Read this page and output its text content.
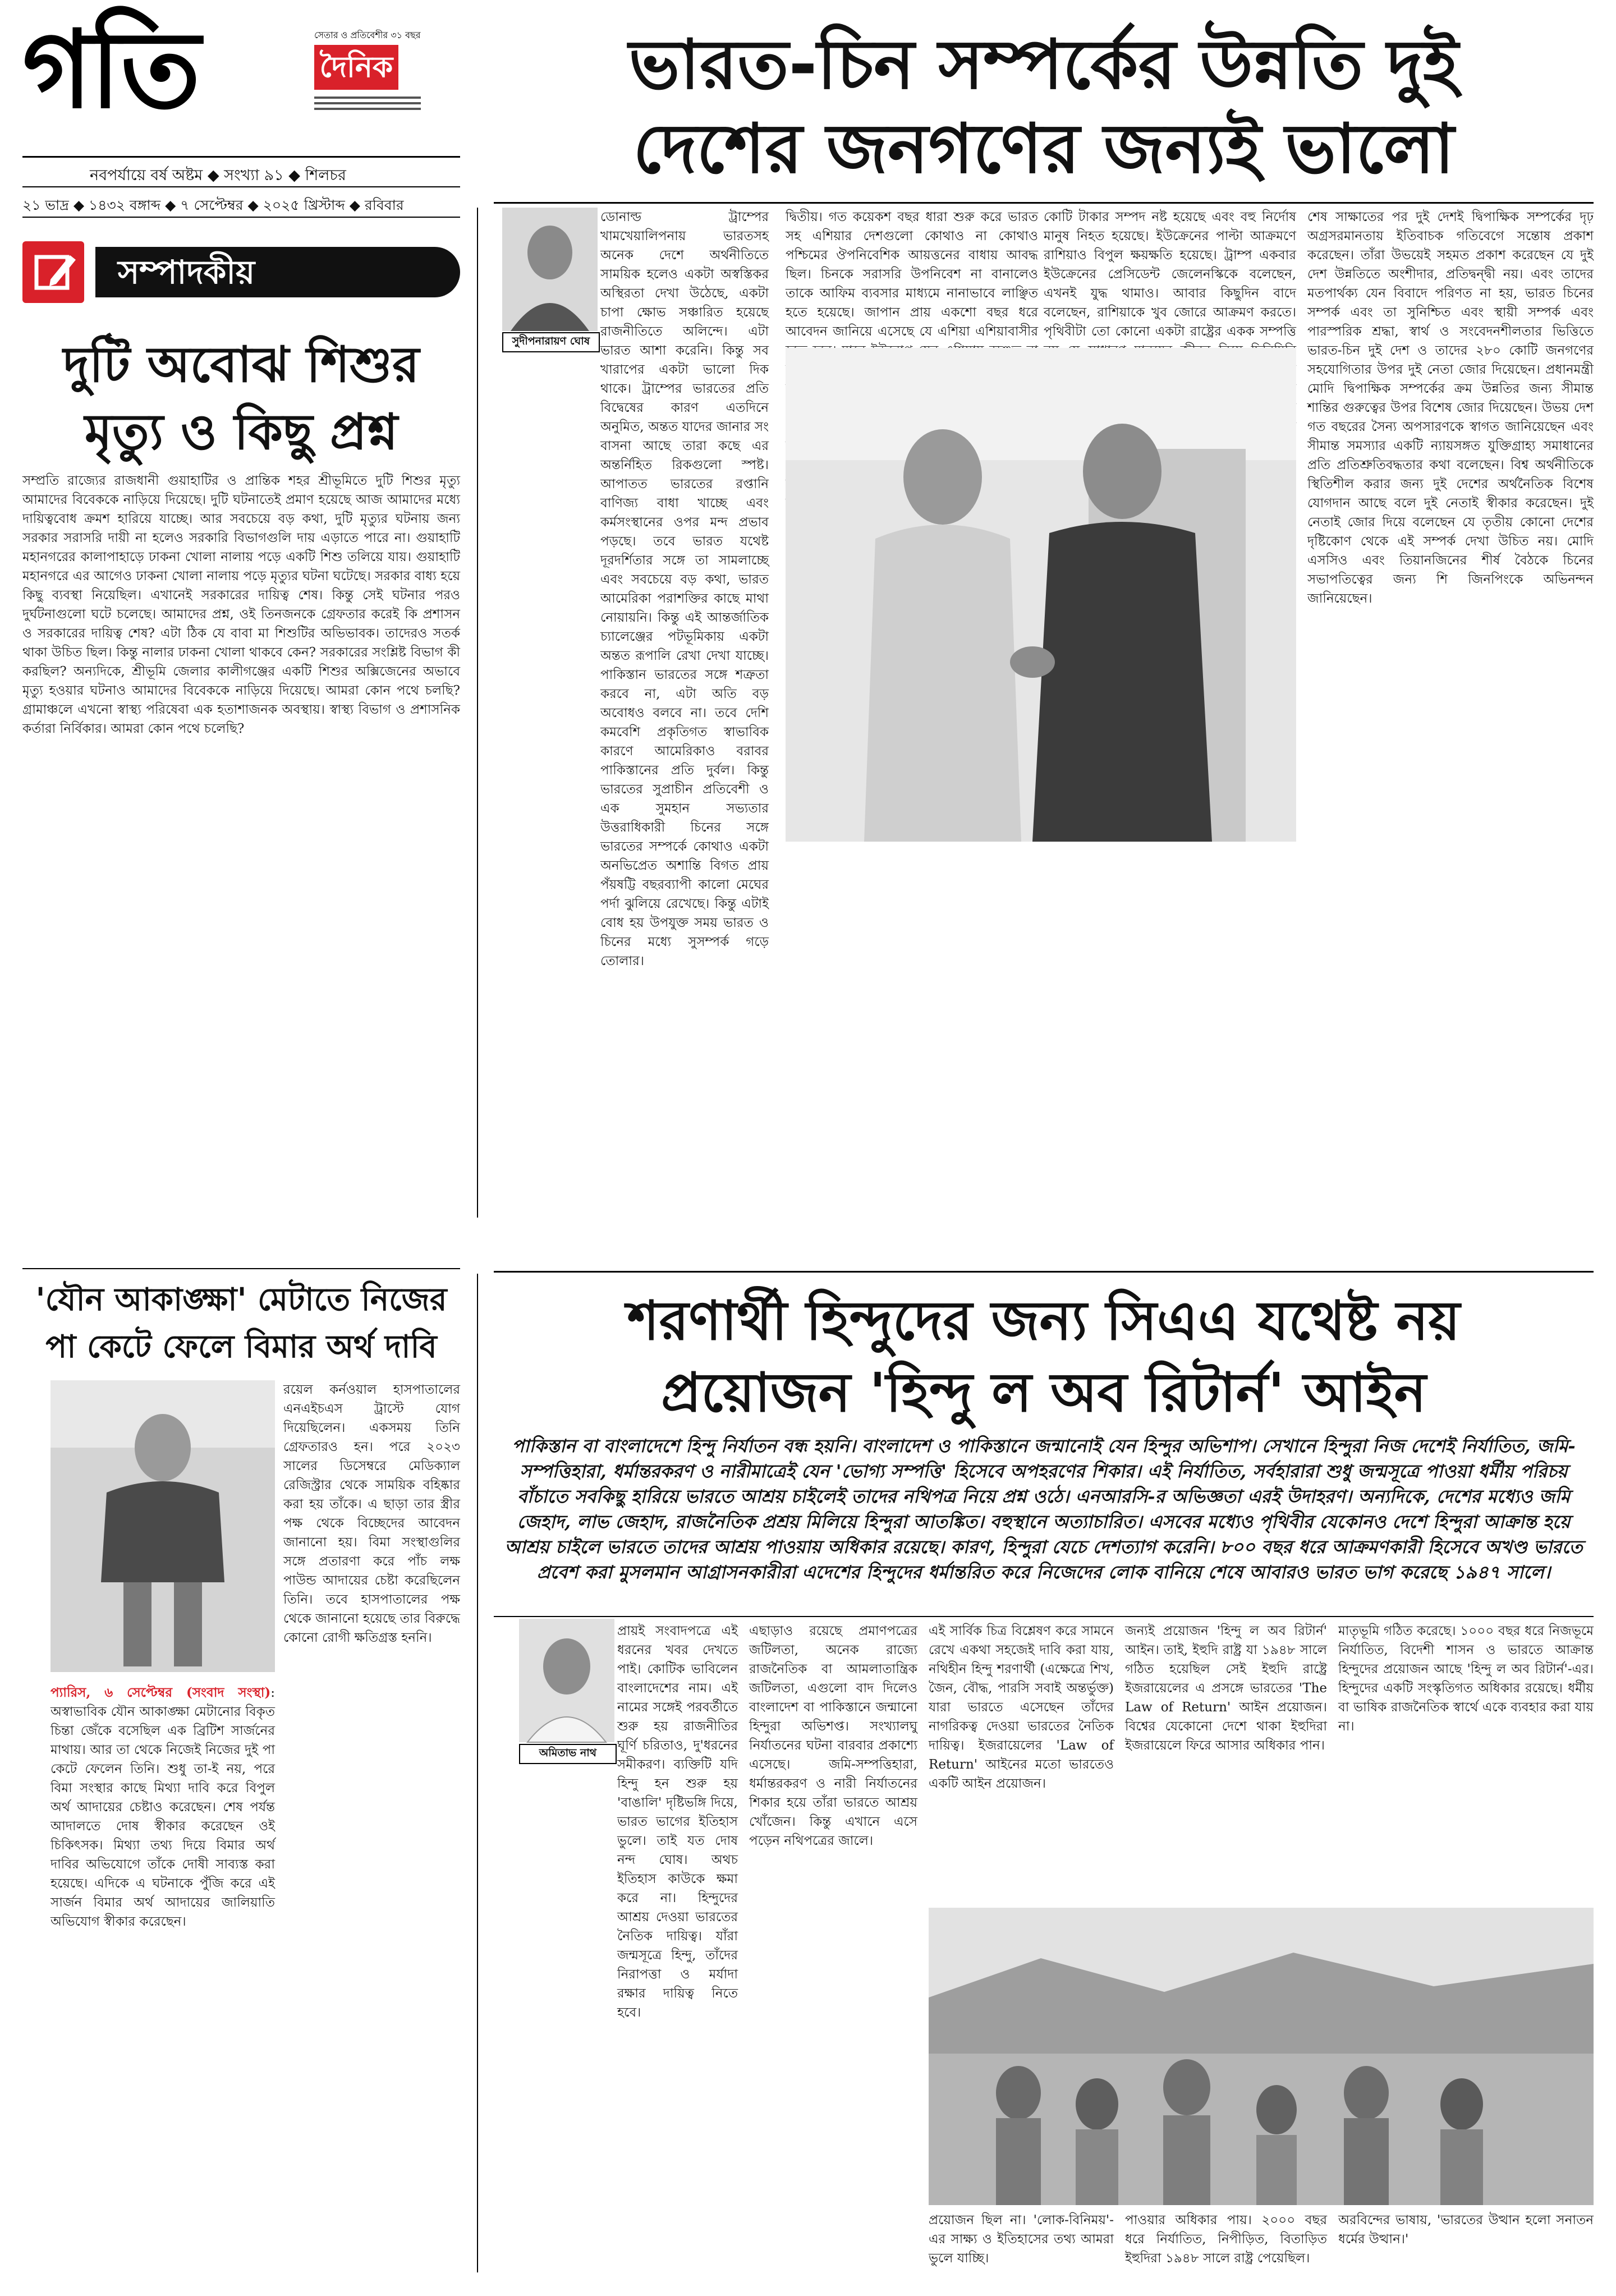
গতি	সেতার ও প্রতিবেশীর ৩১ বছর
দৈনিক
নবপর্যায়ে বর্ষ অষ্টম ◆ সংখ্যা ৯১ ◆ শিলচর
২১ ভাদ্র ◆ ১৪৩২ বঙ্গাব্দ ◆ ৭ সেপ্টেম্বর ◆ ২০২৫ খ্রিস্টাব্দ ◆ রবিবার
ভারত-চিন সম্পর্কের উন্নতি দুই
দেশের জনগণের জন্যই ভালো
সম্পাদকীয়
দুটি অবোঝ শিশুর
মৃত্যু ও কিছু প্রশ্ন
সম্প্রতি রাজ্যের রাজধানী গুয়াহাটির ও প্রান্তিক শহর শ্রীভূমিতে দুটি শিশুর মৃত্যু আমাদের বিবেককে নাড়িয়ে দিয়েছে। দুটি ঘটনাতেই প্রমাণ হয়েছে আজ আমাদের মধ্যে দায়িত্ববোধ ক্রমশ হারিয়ে যাচ্ছে। আর সবচেয়ে বড় কথা, দুটি মৃত্যুর ঘটনায় জন্য সরকার সরাসরি দায়ী না হলেও সরকারি বিভাগগুলি দায় এড়াতে পারে না। গুয়াহাটি মহানগরের কালাপাহাড়ে ঢাকনা খোলা নালায় পড়ে একটি শিশু তলিয়ে যায়। গুয়াহাটি মহানগরে এর আগেও ঢাকনা খোলা নালায় পড়ে মৃত্যুর ঘটনা ঘটেছে। সরকার বাধ্য হয়ে কিছু ব্যবস্থা নিয়েছিল। এখানেই সরকারের দায়িত্ব শেষ। কিন্তু সেই ঘটনার পরও দুর্ঘটনাগুলো ঘটে চলেছে। আমাদের প্রশ্ন, ওই তিনজনকে গ্রেফতার করেই কি প্রশাসন ও সরকারের দায়িত্ব শেষ? এটা ঠিক যে বাবা মা শিশুটির অভিভাবক। তাদেরও সতর্ক থাকা উচিত ছিল। কিন্তু নালার ঢাকনা খোলা থাকবে কেন? সরকারের সংশ্লিষ্ট বিভাগ কী করছিল? অন্যদিকে, শ্রীভূমি জেলার কালীগঞ্জের একটি শিশুর অক্সিজেনের অভাবে মৃত্যু হওয়ার ঘটনাও আমাদের বিবেককে নাড়িয়ে দিয়েছে। আমরা কোন পথে চলছি? গ্রামাঞ্চলে এখনো স্বাস্থ্য পরিষেবা এক হতাশাজনক অবস্থায়। স্বাস্থ্য বিভাগ ও প্রশাসনিক কর্তারা নির্বিকার। আমরা কোন পথে চলেছি?
সুদীপনারায়ণ ঘোষ
ডোনাল্ড ট্রাম্পের খামখেয়ালিপনায় ভারতসহ অনেক দেশে অর্থনীতিতে সাময়িক হলেও একটা অস্বস্তিকর অস্থিরতা দেখা উঠেছে, একটা চাপা ক্ষোভ সঞ্চারিত হয়েছে রাজনীতিতে অলিন্দে। এটা ভারত আশা করেনি। কিন্তু সব খারাপের একটা ভালো দিক থাকে। ট্রাম্পের ভারতের প্রতি বিদ্বেষের কারণ এতদিনে অনুমিত, অন্তত যাদের জানার সং বাসনা আছে তারা কছে এর অন্তর্নিহিত রিকগুলো স্পষ্ট। আপাতত ভারতের রপ্তানি বাণিজ্য বাধা খাচ্ছে এবং কর্মসংস্থানের ওপর মন্দ প্রভাব পড়ছে। তবে ভারত যথেষ্ট দূরদর্শিতার সঙ্গে তা সামলাচ্ছে এবং সবচেয়ে বড় কথা, ভারত আমেরিকা পরাশক্তির কাছে মাথা নোয়ায়নি। কিন্তু এই আন্তর্জাতিক চ্যালেঞ্জের পটভূমিকায় একটা অন্তত রূপালি রেখা দেখা যাচ্ছে। পাকিস্তান ভারতের সঙ্গে শত্রুতা করবে না, এটা অতি বড় অবোধও বলবে না। তবে দেশি কমবেশি প্রকৃতিগত স্বাভাবিক কারণে আমেরিকাও বরাবর পাকিস্তানের প্রতি দুর্বল। কিন্তু ভারতের সুপ্রাচীন প্রতিবেশী ও এক সুমহান সভ্যতার উত্তরাধিকারী চিনের সঙ্গে ভারতের সম্পর্কে কোথাও একটা অনভিপ্রেত অশান্তি বিগত প্রায় পঁয়ষট্টি বছরব্যাপী কালো মেঘের পর্দা ঝুলিয়ে রেখেছে। কিন্তু এটাই বোধ হয় উপযুক্ত সময় ভারত ও চিনের মধ্যে সুসম্পর্ক গড়ে তোলার।
দ্বিতীয়। গত কয়েকশ বছর ধারা শুরু করে ভারত সহ এশিয়ার দেশগুলো কোথাও না কোথাও পশ্চিমের ঔপনিবেশিক আয়ত্তনের বাধায় আবদ্ধ ছিল। চিনকে সরাসরি উপনিবেশ না বানালেও তাকে আফিম ব্যবসার মাধ্যমে নানাভাবে লাঞ্ছিত হতে হয়েছে। জাপান প্রায় একশো বছর ধরে আবেদন জানিয়ে এসেছে যে এশিয়া এশিয়াবাসীর
কোটি টাকার সম্পদ নষ্ট হয়েছে এবং বহু নির্দোষ মানুষ নিহত হয়েছে। ইউক্রেনের পাল্টা আক্রমণে রাশিয়াও বিপুল ক্ষয়ক্ষতি হয়েছে। ট্রাম্প একবার ইউক্রেনের প্রেসিডেন্ট জেলেনস্কিকে বলেছেন, এখনই যুদ্ধ থামাও। আবার কিছুদিন বাদে বলেছেন, রাশিয়াকে খুব জোরে আক্রমণ করতে। পৃথিবীটা তো কোনো একটা রাষ্ট্রের একক সম্পত্তি
শেষ সাক্ষাতের পর দুই দেশই দ্বিপাক্ষিক সম্পর্কের দৃঢ় অগ্রসরমানতায় ইতিবাচক গতিবেগে সন্তোষ প্রকাশ করেছেন। তাঁরা উভয়েই সহমত প্রকাশ করেছেন যে দুই দেশ উন্নতিতে অংশীদার, প্রতিদ্বন্দ্বী নয়। এবং তাদের মতপার্থক্য যেন বিবাদে পরিণত না হয়, ভারত চিনের সম্পর্ক এবং তা সুনিশ্চিত এবং স্থায়ী সম্পর্ক এবং পারস্পরিক শ্রদ্ধা, স্বার্থ ও সংবেদনশীলতার ভিত্তিতে ভারত-চিন দুই দেশ ও তাদের ২৮০ কোটি জনগণের সহযোগিতার উপর দুই নেতা জোর দিয়েছেন। প্রধানমন্ত্রী মোদি দ্বিপাক্ষিক সম্পর্কের ক্রম উন্নতির জন্য সীমান্ত শান্তির গুরুত্বের উপর বিশেষ জোর দিয়েছেন। উভয় দেশ গত বছরের সৈন্য অপসারণকে স্বাগত জানিয়েছেন এবং সীমান্ত সমস্যার একটি ন্যায়সঙ্গত যুক্তিগ্রাহ্য সমাধানের প্রতি প্রতিশ্রুতিবদ্ধতার কথা বলেছেন। বিশ্ব অর্থনীতিকে স্থিতিশীল করার জন্য দুই দেশের অর্থনৈতিক বিশেষ যোগদান আছে বলে দুই নেতাই স্বীকার করেছেন। দুই নেতাই জোর দিয়ে বলেছেন যে তৃতীয় কোনো দেশের দৃষ্টিকোণ থেকে এই সম্পর্ক দেখা উচিত নয়। মোদি এসসিও এবং তিয়ানজিনের শীর্ষ বৈঠকে চিনের সভাপতিত্বের জন্য শি জিনপিংকে অভিনন্দন জানিয়েছেন।
'যৌন আকাঙ্ক্ষা' মেটাতে নিজের
পা কেটে ফেলে বিমার অর্থ দাবি
রয়েল কর্নওয়াল হাসপাতালের এনএইচএস ট্রাস্টে যোগ দিয়েছিলেন। একসময় তিনি গ্রেফতারও হন। পরে ২০২৩ সালের ডিসেম্বরে মেডিক্যাল রেজিস্ট্রার থেকে সাময়িক বহিষ্কার করা হয় তাঁকে। এ ছাড়া তার স্ত্রীর পক্ষ থেকে বিচ্ছেদের আবেদন জানানো হয়। বিমা সংস্থাগুলির সঙ্গে প্রতারণা করে পাঁচ লক্ষ পাউন্ড আদায়ের চেষ্টা করেছিলেন তিনি। তবে হাসপাতালের পক্ষ থেকে জানানো হয়েছে তার বিরুদ্ধে কোনো রোগী ক্ষতিগ্রস্ত হননি।
প্যারিস, ৬ সেপ্টেম্বর (সংবাদ সংস্থা): অস্বাভাবিক যৌন আকাঙ্ক্ষা মেটানোর বিকৃত চিন্তা জেঁকে বসেছিল এক ব্রিটিশ সার্জনের মাথায়। আর তা থেকে নিজেই নিজের দুই পা কেটে ফেলেন তিনি। শুধু তা-ই নয়, পরে বিমা সংস্থার কাছে মিথ্যা দাবি করে বিপুল অর্থ আদায়ের চেষ্টাও করেছেন। শেষ পর্যন্ত আদালতে দোষ স্বীকার করেছেন ওই চিকিৎসক। মিথ্যা তথ্য দিয়ে বিমার অর্থ দাবির অভিযোগে তাঁকে দোষী সাব্যস্ত করা হয়েছে। এদিকে এ ঘটনাকে পুঁজি করে এই সার্জন বিমার অর্থ আদায়ের জালিয়াতি অভিযোগ স্বীকার করেছেন।
শরণার্থী হিন্দুদের জন্য সিএএ যথেষ্ট নয়
প্রয়োজন 'হিন্দু ল অব রিটার্ন' আইন
পাকিস্তান বা বাংলাদেশে হিন্দু নির্যাতন বন্ধ হয়নি। বাংলাদেশ ও পাকিস্তানে জন্মানোই যেন হিন্দুর অভিশাপ। সেখানে হিন্দুরা নিজ দেশেই নির্যাতিত, জমি-সম্পত্তিহারা, ধর্মান্তরকরণ ও নারীমাত্রেই যেন 'ভোগ্য সম্পত্তি' হিসেবে অপহরণের শিকার। এই নির্যাতিত, সর্বহারারা শুধু জন্মসূত্রে পাওয়া ধর্মীয় পরিচয় বাঁচাতে সবকিছু হারিয়ে ভারতে আশ্রয় চাইলেই তাদের নথিপত্র নিয়ে প্রশ্ন ওঠে। এনআরসি-র অভিজ্ঞতা এরই উদাহরণ। অন্যদিকে, দেশের মধ্যেও জমি জেহাদ, লাভ জেহাদ, রাজনৈতিক প্রশ্রয় মিলিয়ে হিন্দুরা আতঙ্কিত। বহুস্থানে অত্যাচারিত। এসবের মধ্যেও পৃথিবীর যেকোনও দেশে হিন্দুরা আক্রান্ত হয়ে আশ্রয় চাইলে ভারতে তাদের আশ্রয় পাওয়ায় অধিকার রয়েছে। কারণ, হিন্দুরা যেচে দেশত্যাগ করেনি। ৮০০ বছর ধরে আক্রমণকারী হিসেবে অখণ্ড ভারতে প্রবেশ করা মুসলমান আগ্রাসনকারীরা এদেশের হিন্দুদের ধর্মান্তরিত করে নিজেদের লোক বানিয়ে শেষে আবারও ভারত ভাগ করেছে ১৯৪৭ সালে।
অমিতাভ নাথ
প্রায়ই সংবাদপত্রে এই ধরনের খবর দেখতে পাই। কোটিক ভাবিলেন বাংলাদেশের নাম। এই নামের সঙ্গেই পরবর্তীতে শুরু হয় রাজনীতির ঘূর্ণি চরিতাও, দু'ধরনের সমীকরণ। ব্যক্তিটি যদি হিন্দু হন শুরু হয় 'বাঙালি' দৃষ্টিভঙ্গি দিয়ে, ভারত ভাগের ইতিহাস ভুলে। তাই যত দোষ নন্দ ঘোষ। অথচ ইতিহাস কাউকে ক্ষমা করে না। হিন্দুদের আশ্রয় দেওয়া ভারতের নৈতিক দায়িত্ব। যাঁরা জন্মসূত্রে হিন্দু, তাঁদের নিরাপত্তা ও মর্যাদা রক্ষার দায়িত্ব নিতে হবে।
এছাড়াও রয়েছে প্রমাণপত্রের জটিলতা, অনেক রাজ্যে রাজনৈতিক বা আমলাতান্ত্রিক জটিলতা, এগুলো বাদ দিলেও বাংলাদেশ বা পাকিস্তানে জন্মানো হিন্দুরা অভিশপ্ত। সংখ্যালঘু নির্যাতনের ঘটনা বারবার প্রকাশ্যে এসেছে। জমি-সম্পত্তিহারা, ধর্মান্তরকরণ ও নারী নির্যাতনের শিকার হয়ে তাঁরা ভারতে আশ্রয় খোঁজেন। কিন্তু এখানে এসে পড়েন নথিপত্রের জালে।
এই সার্বিক চিত্র বিশ্লেষণ করে সামনে রেখে একথা সহজেই দাবি করা যায়, নথিহীন হিন্দু শরণার্থী (এক্ষেত্রে শিখ, জৈন, বৌদ্ধ, পারসি সবাই অন্তর্ভুক্ত) যারা ভারতে এসেছেন তাঁদের নাগরিকত্ব দেওয়া ভারতের নৈতিক দায়িত্ব। ইজরায়েলের 'Law of Return' আইনের মতো ভারতেও একটি আইন প্রয়োজন।
জন্যই প্রয়োজন 'হিন্দু ল অব রিটার্ন' আইন। তাই, ইহুদি রাষ্ট্র যা ১৯৪৮ সালে গঠিত হয়েছিল সেই ইহুদি রাষ্ট্রে ইজরায়েলের এ প্রসঙ্গে ভারতের 'The Law of Return' আইন প্রয়োজন। বিশ্বের যেকোনো দেশে থাকা ইহুদিরা ইজরায়েলে ফিরে আসার অধিকার পান।
মাতৃভূমি গঠিত করেছে। ১০০০ বছর ধরে নিজভূমে নির্যাতিত, বিদেশী শাসন ও ভারতে আক্রান্ত হিন্দুদের প্রয়োজন আছে 'হিন্দু ল অব রিটার্ন'-এর। হিন্দুদের একটি সংস্কৃতিগত অধিকার রয়েছে। ধর্মীয় বা ভাষিক রাজনৈতিক স্বার্থে একে ব্যবহার করা যায় না।
প্রয়োজন ছিল না। 'লোক-বিনিময়'-এর সাক্ষ্য ও ইতিহাসের তথ্য আমরা ভুলে যাচ্ছি।
পাওয়ার অধিকার পায়। ২০০০ বছর ধরে নির্যাতিত, নিপীড়িত, বিতাড়িত ইহুদিরা ১৯৪৮ সালে রাষ্ট্র পেয়েছিল।
অরবিন্দের ভাষায়, 'ভারতের উত্থান হলো সনাতন ধর্মের উত্থান।'
